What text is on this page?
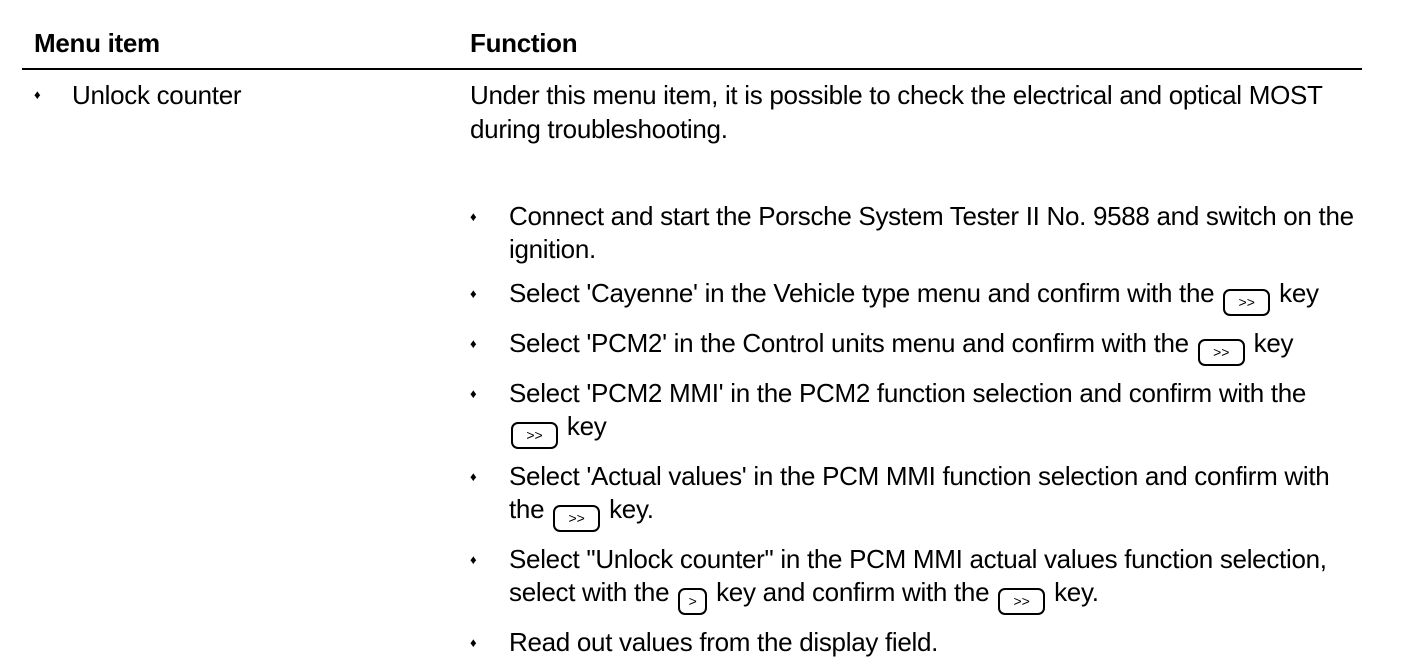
Menu item	Function
♦ Unlock counter	Under this menu item, it is possible to check the electrical and optical MOST during troubleshooting.
♦ Connect and start the Porsche System Tester II No. 9588 and switch on the ignition.
♦ Select 'Cayenne' in the Vehicle type menu and confirm with the >> key
♦ Select 'PCM2' in the Control units menu and confirm with the >> key
♦ Select 'PCM2 MMI' in the PCM2 function selection and confirm with the >> key
♦ Select 'Actual values' in the PCM MMI function selection and confirm with the >> key.
♦ Select "Unlock counter" in the PCM MMI actual values function selection, select with the > key and confirm with the >> key.
♦ Read out values from the display field.
